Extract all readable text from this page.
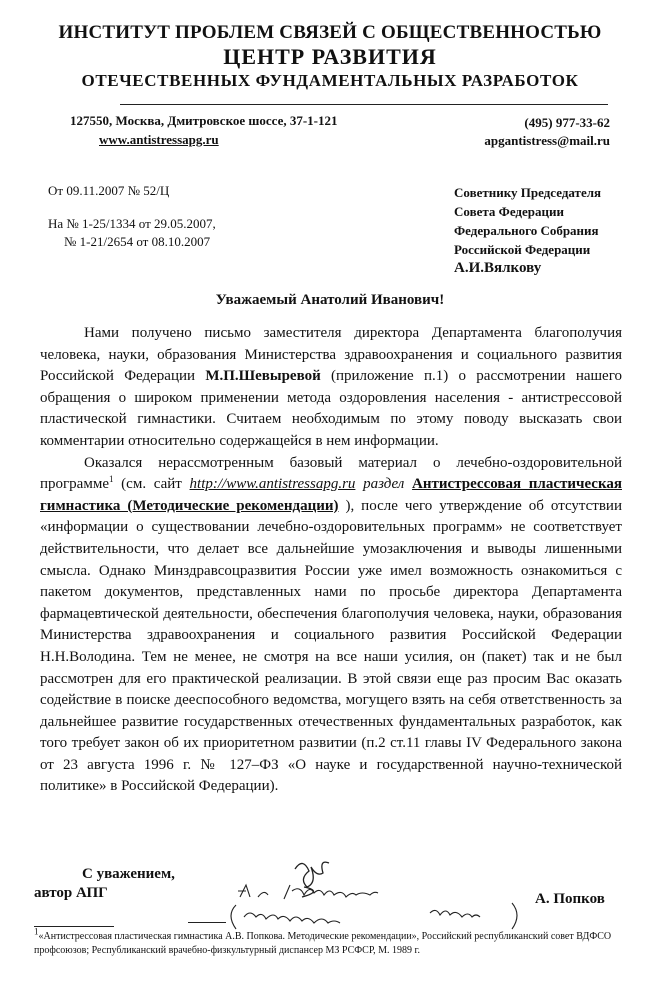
ИНСТИТУТ ПРОБЛЕМ СВЯЗЕЙ С ОБЩЕСТВЕННОСТЬЮ
ЦЕНТР РАЗВИТИЯ
ОТЕЧЕСТВЕННЫХ ФУНДАМЕНТАЛЬНЫХ РАЗРАБОТОК
127550, Москва, Дмитровское шоссе, 37-1-121
www.antistressapg.ru
(495) 977-33-62
apgantistress@mail.ru
От 09.11.2007 № 52/Ц
На № 1-25/1334 от 29.05.2007,
№ 1-21/2654 от 08.10.2007
Советнику Председателя
Совета Федерации
Федерального Собрания
Российской Федерации
А.И.Вялкову
Уважаемый Анатолий Иванович!

Нами получено письмо заместителя директора Департамента благополучия человека, науки, образования Министерства здравоохранения и социального развития Российской Федерации М.П.Шевыревой (приложение п.1) о рассмотрении нашего обращения о широком применении метода оздоровления населения - антистрессовой пластической гимнастики. Считаем необходимым по этому поводу высказать свои комментарии относительно содержащейся в нем информации.

Оказался нерассмотренным базовый материал о лечебно-оздоровительной программе$^1$ (см. сайт http://www.antistressapg.ru раздел Антистрессовая пластическая гимнастика (Методические рекомендации) ), после чего утверждение об отсутствии «информации о существовании лечебно-оздоровительных программ» не соответствует действительности, что делает все дальнейшие умозаключения и выводы лишенными смысла. Однако Минздравсоцразвития России уже имел возможность ознакомиться с пакетом документов, представленных нами по просьбе директора Департамента фармацевтической деятельности, обеспечения благополучия человека, науки, образования Министерства здравоохранения и социального развития Российской Федерации Н.Н.Володина. Тем не менее, не смотря на все наши усилия, он (пакет) так и не был рассмотрен для его практической реализации. В этой связи еще раз просим Вас оказать содействие в поиске дееспособного ведомства, могущего взять на себя ответственность за дальнейшее развитие государственных отечественных фундаментальных разработок, как того требует закон об их приоритетном развитии (п.2 ст.11 главы IV Федерального закона от 23 августа 1996 г. № 127–ФЗ «О науке и государственной научно-технической политике» в Российской Федерации).

С уважением,
автор АПГ	А. Попков
$^1$«Антистрессовая пластическая гимнастика А.В. Попкова. Методические рекомендации», Российский республиканский совет ВДФСО профсоюзов; Республиканский врачебно-физкультурный диспансер МЗ РСФСР, М. 1989 г.
